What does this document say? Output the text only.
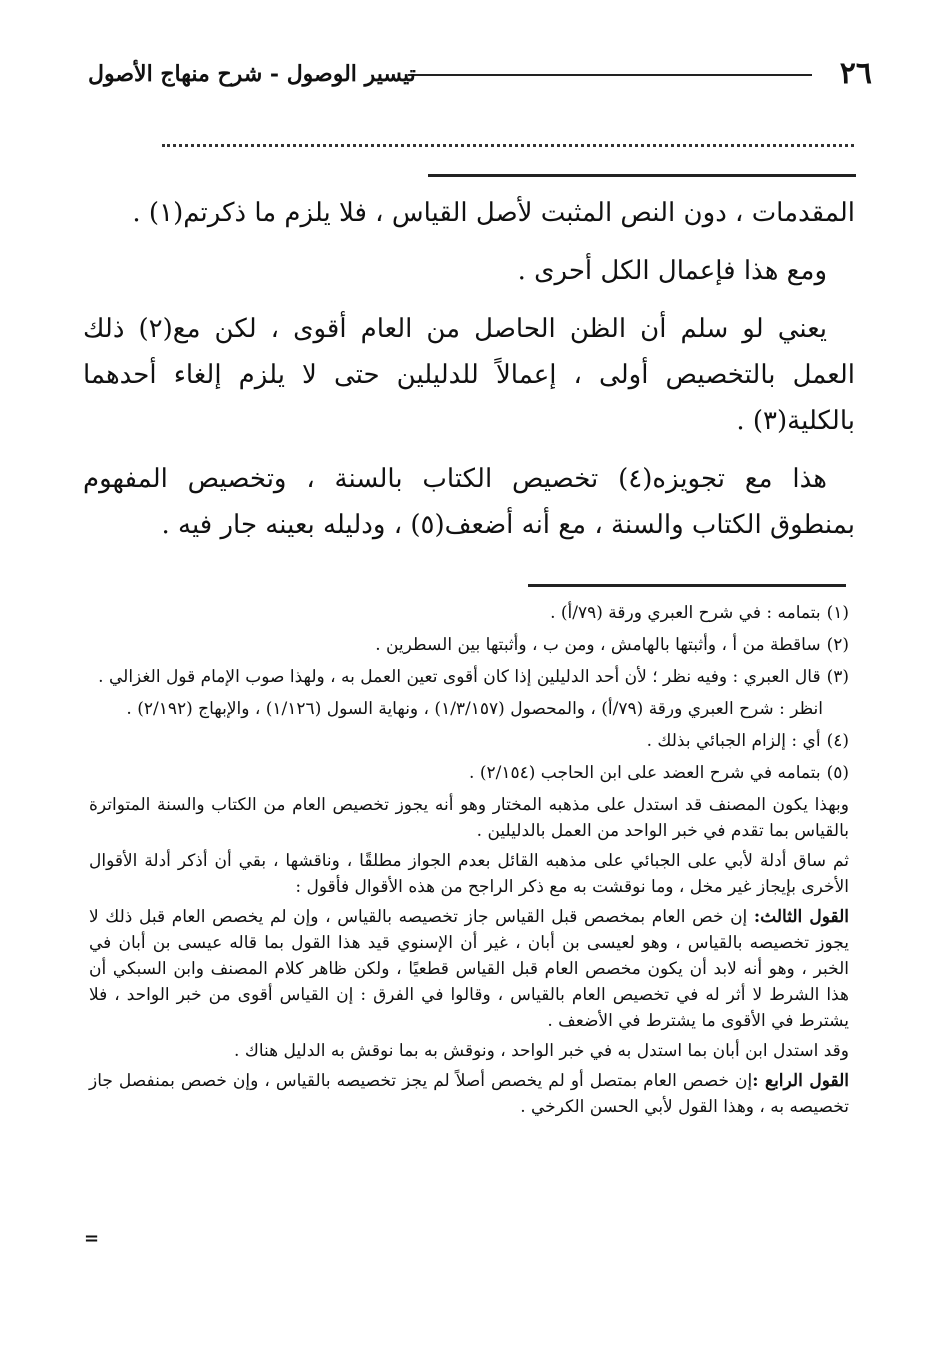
٢٦
تيسير الوصول - شرح منهاج الأصول

المقدمات ، دون النص المثبت لأصل القياس ، فلا يلزم ما ذكرتم(١) .

ومع هذا فإعمال الكل أحرى .

يعني لو سلم أن الظن الحاصل من العام أقوى ، لكن مع(٢) ذلك العمل بالتخصيص أولى ، إعمالاً للدليلين حتى لا يلزم إلغاء أحدهما بالكلية(٣) .

هذا مع تجويزه(٤) تخصيص الكتاب بالسنة ، وتخصيص المفهوم بمنطوق الكتاب والسنة ، مع أنه أضعف(٥) ، ودليله بعينه جار فيه .

(١)بتمامه : في شرح العبري ورقة (٧٩/أ) .
(٢)ساقطة من أ ، وأثبتها بالهامش ، ومن ب ، وأثبتها بين السطرين .
(٣)قال العبري : وفيه نظر ؛ لأن أحد الدليلين إذا كان أقوى تعين العمل به ، ولهذا صوب الإمام قول الغزالي .
انظر : شرح العبري ورقة (٧٩/أ) ، والمحصول (١/٣/١٥٧) ، ونهاية السول (١/١٢٦) ، والإبهاج (٢/١٩٢) .
(٤)أي : إلزام الجبائي بذلك .
(٥)بتمامه في شرح العضد على ابن الحاجب (٢/١٥٤) .
وبهذا يكون المصنف قد استدل على مذهبه المختار وهو أنه يجوز تخصيص العام من الكتاب والسنة المتواترة بالقياس بما تقدم في خبر الواحد من العمل بالدليلين .
ثم ساق أدلة لأبي على الجبائي على مذهبه القائل بعدم الجواز مطلقًا ، وناقشها ، بقي أن أذكر أدلة الأقوال الأخرى بإيجاز غير مخل ، وما نوقشت به مع ذكر الراجح من هذه الأقوال فأقول :
القول الثالث: إن خص العام بمخصص قبل القياس جاز تخصيصه بالقياس ، وإن لم يخصص العام قبل ذلك لا يجوز تخصيصه بالقياس ، وهو لعيسى بن أبان ، غير أن الإسنوي قيد هذا القول بما قاله عيسى بن أبان في الخبر ، وهو أنه لابد أن يكون مخصص العام قبل القياس قطعيًا ، ولكن ظاهر كلام المصنف وابن السبكي أن هذا الشرط لا أثر له في تخصيص العام بالقياس ، وقالوا في الفرق : إن القياس أقوى من خبر الواحد ، فلا يشترط في الأقوى ما يشترط في الأضعف .
وقد استدل ابن أبان بما استدل به في خبر الواحد ، ونوقش به بما نوقش به الدليل هناك .
القول الرابع :إن خصص العام بمتصل أو لم يخصص أصلاً لم يجز تخصيصه بالقياس ، وإن خصص بمنفصل جاز تخصيصه به ، وهذا القول لأبي الحسن الكرخي .
=
